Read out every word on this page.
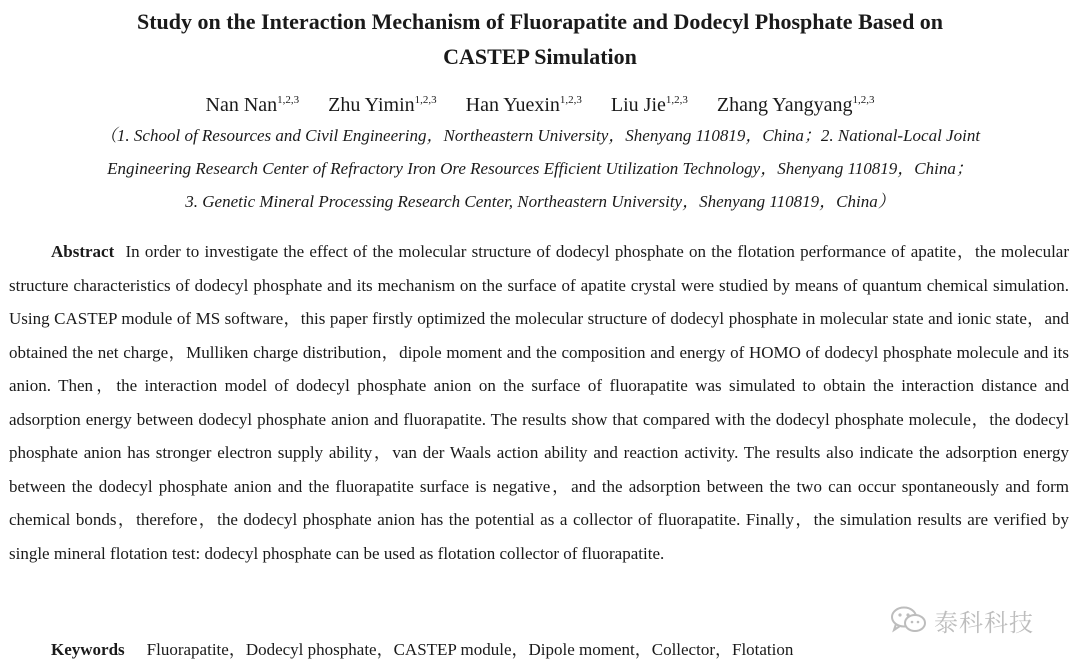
Study on the Interaction Mechanism of Fluorapatite and Dodecyl Phosphate Based on
CASTEP Simulation
Nan Nan$^{1,2,3}$ Zhu Yimin$^{1,2,3}$ Han Yuexin$^{1,2,3}$ Liu Jie$^{1,2,3}$ Zhang Yangyang$^{1,2,3}$
（1. School of Resources and Civil Engineering，Northeastern University，Shenyang 110819，China；2. National-Local Joint
Engineering Research Center of Refractory Iron Ore Resources Efficient Utilization Technology，Shenyang 110819，China；
3. Genetic Mineral Processing Research Center, Northeastern University，Shenyang 110819，China）
Abstract In order to investigate the effect of the molecular structure of dodecyl phosphate on the flotation performance of apatite，the molecular structure characteristics of dodecyl phosphate and its mechanism on the surface of apatite crystal were studied by means of quantum chemical simulation. Using CASTEP module of MS software，this paper firstly optimized the molecular structure of dodecyl phosphate in molecular state and ionic state，and obtained the net charge，Mulliken charge distribution，dipole moment and the composition and energy of HOMO of dodecyl phosphate molecule and its anion. Then，the interaction model of dodecyl phosphate anion on the surface of fluorapatite was simulated to obtain the interaction distance and adsorption energy between dodecyl phosphate anion and fluorapatite. The results show that compared with the dodecyl phosphate molecule，the dodecyl phosphate anion has stronger electron supply ability，van der Waals action ability and reaction activity. The results also indicate the adsorption energy between the dodecyl phosphate anion and the fluorapatite surface is negative，and the adsorption between the two can occur spontaneously and form chemical bonds，therefore，the dodecyl phosphate anion has the potential as a collector of fluorapatite. Finally，the simulation results are verified by single mineral flotation test: dodecyl phosphate can be used as flotation collector of fluorapatite.
Keywords Fluorapatite，Dodecyl phosphate，CASTEP module，Dipole moment，Collector，Flotation
泰科科技
